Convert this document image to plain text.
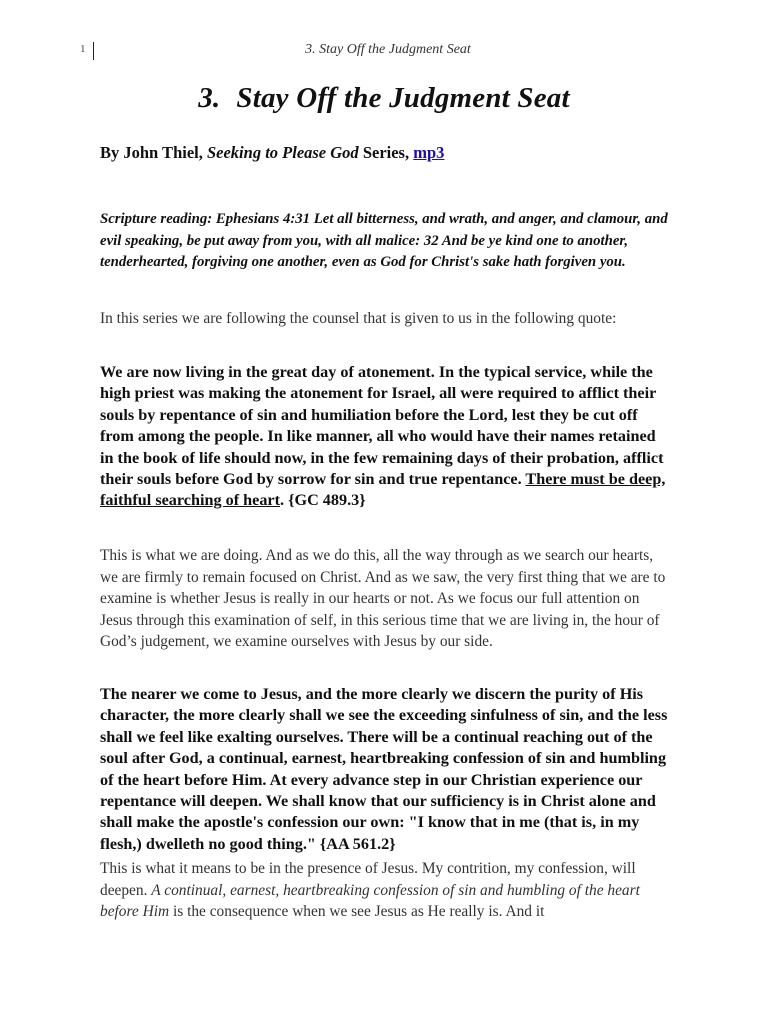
1	3. Stay Off the Judgment Seat
3. Stay Off the Judgment Seat
By John Thiel, Seeking to Please God Series, mp3
Scripture reading: Ephesians 4:31 Let all bitterness, and wrath, and anger, and clamour, and evil speaking, be put away from you, with all malice: 32 And be ye kind one to another, tenderhearted, forgiving one another, even as God for Christ's sake hath forgiven you.
In this series we are following the counsel that is given to us in the following quote:
We are now living in the great day of atonement. In the typical service, while the high priest was making the atonement for Israel, all were required to afflict their souls by repentance of sin and humiliation before the Lord, lest they be cut off from among the people. In like manner, all who would have their names retained in the book of life should now, in the few remaining days of their probation, afflict their souls before God by sorrow for sin and true repentance. There must be deep, faithful searching of heart. {GC 489.3}
This is what we are doing. And as we do this, all the way through as we search our hearts, we are firmly to remain focused on Christ. And as we saw, the very first thing that we are to examine is whether Jesus is really in our hearts or not. As we focus our full attention on Jesus through this examination of self, in this serious time that we are living in, the hour of God’s judgement, we examine ourselves with Jesus by our side.
The nearer we come to Jesus, and the more clearly we discern the purity of His character, the more clearly shall we see the exceeding sinfulness of sin, and the less shall we feel like exalting ourselves. There will be a continual reaching out of the soul after God, a continual, earnest, heartbreaking confession of sin and humbling of the heart before Him. At every advance step in our Christian experience our repentance will deepen. We shall know that our sufficiency is in Christ alone and shall make the apostle's confession our own: "I know that in me (that is, in my flesh,) dwelleth no good thing." {AA 561.2}
This is what it means to be in the presence of Jesus. My contrition, my confession, will deepen. A continual, earnest, heartbreaking confession of sin and humbling of the heart before Him is the consequence when we see Jesus as He really is. And it
